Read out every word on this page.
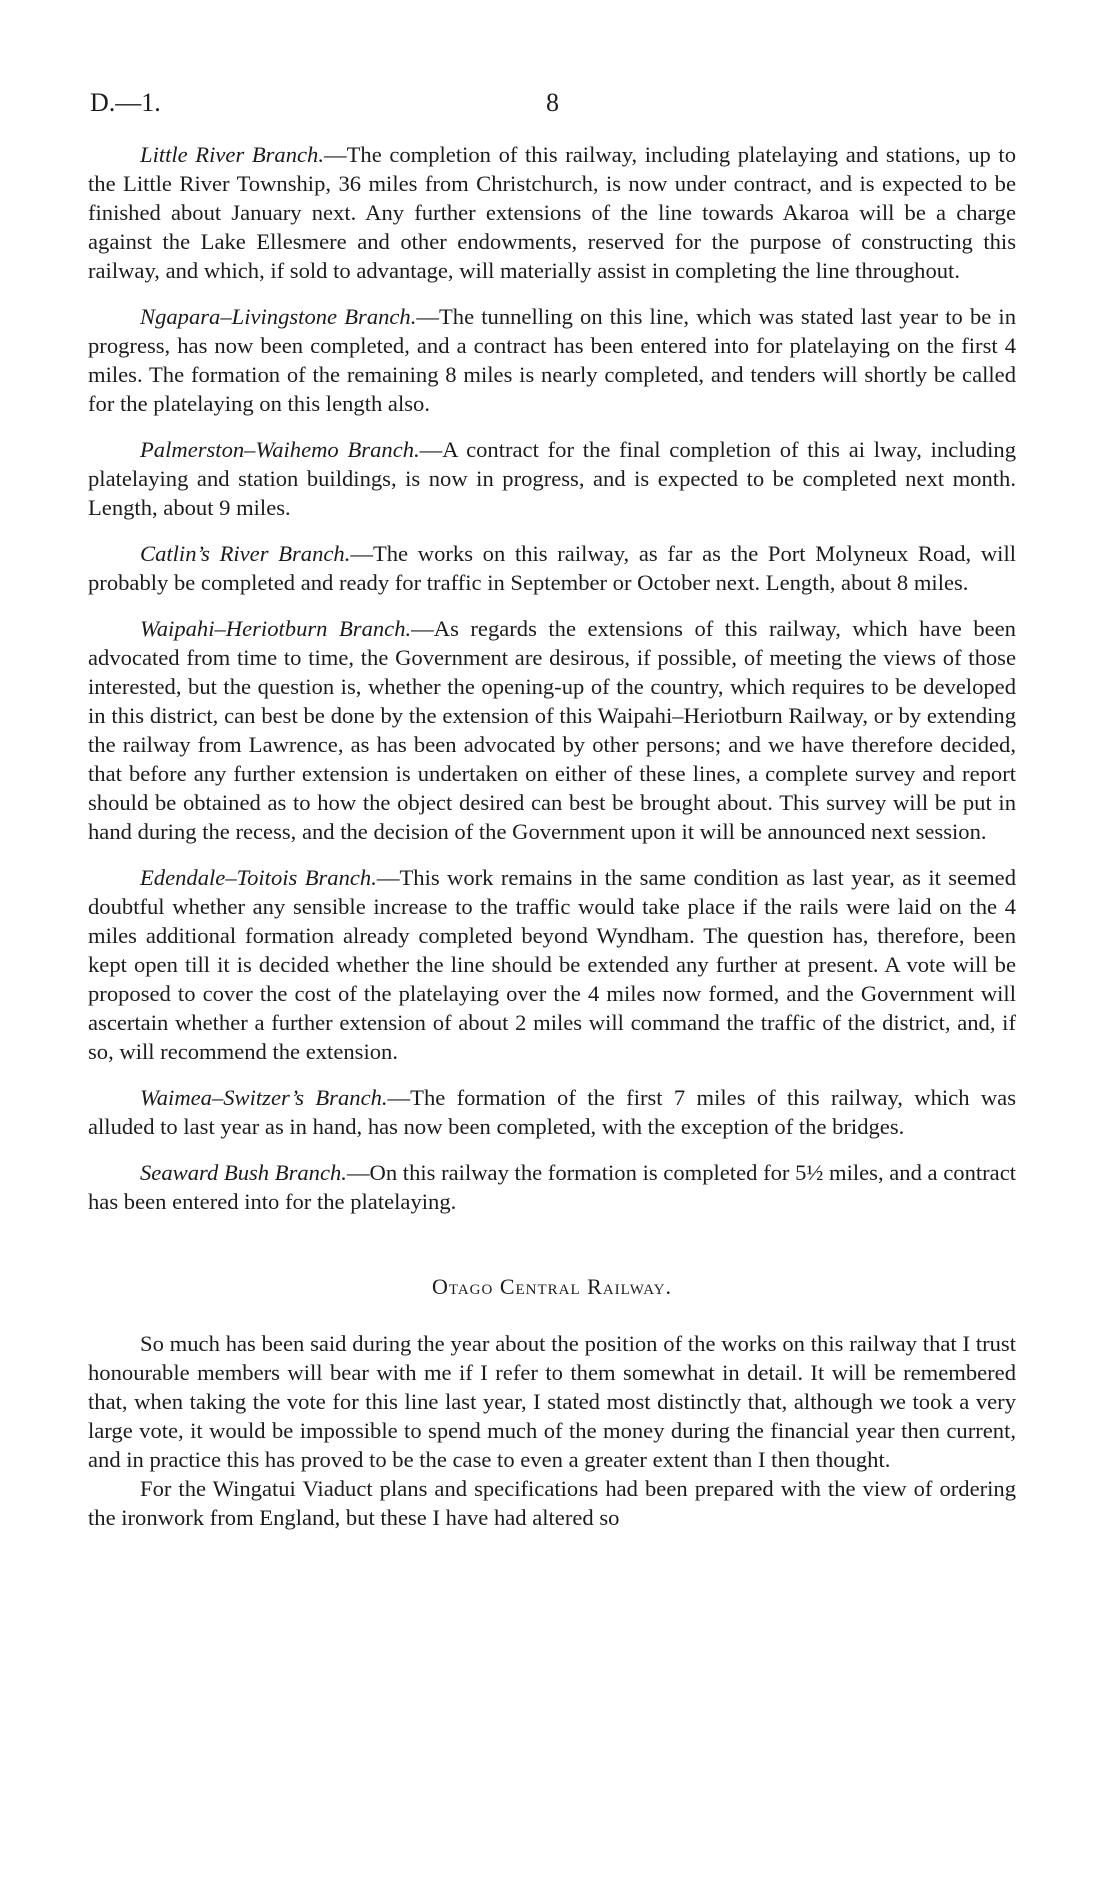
D.—1.	8

Little River Branch.—The completion of this railway, including platelaying and stations, up to the Little River Township, 36 miles from Christchurch, is now under contract, and is expected to be finished about January next. Any further extensions of the line towards Akaroa will be a charge against the Lake Ellesmere and other endowments, reserved for the purpose of constructing this railway, and which, if sold to advantage, will materially assist in completing the line throughout.

Ngapara–Livingstone Branch.—The tunnelling on this line, which was stated last year to be in progress, has now been completed, and a contract has been entered into for platelaying on the first 4 miles. The formation of the remaining 8 miles is nearly completed, and tenders will shortly be called for the platelaying on this length also.

Palmerston–Waihemo Branch.—A contract for the final completion of this ai lway, including platelaying and station buildings, is now in progress, and is expected to be completed next month. Length, about 9 miles.

Catlin’s River Branch.—The works on this railway, as far as the Port Molyneux Road, will probably be completed and ready for traffic in September or October next. Length, about 8 miles.

Waipahi–Heriotburn Branch.—As regards the extensions of this railway, which have been advocated from time to time, the Government are desirous, if possible, of meeting the views of those interested, but the question is, whether the opening-up of the country, which requires to be developed in this district, can best be done by the extension of this Waipahi–Heriotburn Railway, or by extending the railway from Lawrence, as has been advocated by other persons; and we have therefore decided, that before any further extension is undertaken on either of these lines, a complete survey and report should be obtained as to how the object desired can best be brought about. This survey will be put in hand during the recess, and the decision of the Government upon it will be announced next session.

Edendale–Toitois Branch.—This work remains in the same condition as last year, as it seemed doubtful whether any sensible increase to the traffic would take place if the rails were laid on the 4 miles additional formation already completed beyond Wyndham. The question has, therefore, been kept open till it is decided whether the line should be extended any further at present. A vote will be proposed to cover the cost of the platelaying over the 4 miles now formed, and the Government will ascertain whether a further extension of about 2 miles will command the traffic of the district, and, if so, will recommend the extension.

Waimea–Switzer’s Branch.—The formation of the first 7 miles of this railway, which was alluded to last year as in hand, has now been completed, with the exception of the bridges.

Seaward Bush Branch.—On this railway the formation is completed for 5½ miles, and a contract has been entered into for the platelaying.

Otago Central Railway.

So much has been said during the year about the position of the works on this railway that I trust honourable members will bear with me if I refer to them somewhat in detail. It will be remembered that, when taking the vote for this line last year, I stated most distinctly that, although we took a very large vote, it would be impossible to spend much of the money during the financial year then current, and in practice this has proved to be the case to even a greater extent than I then thought.

For the Wingatui Viaduct plans and specifications had been prepared with the view of ordering the ironwork from England, but these I have had altered so
